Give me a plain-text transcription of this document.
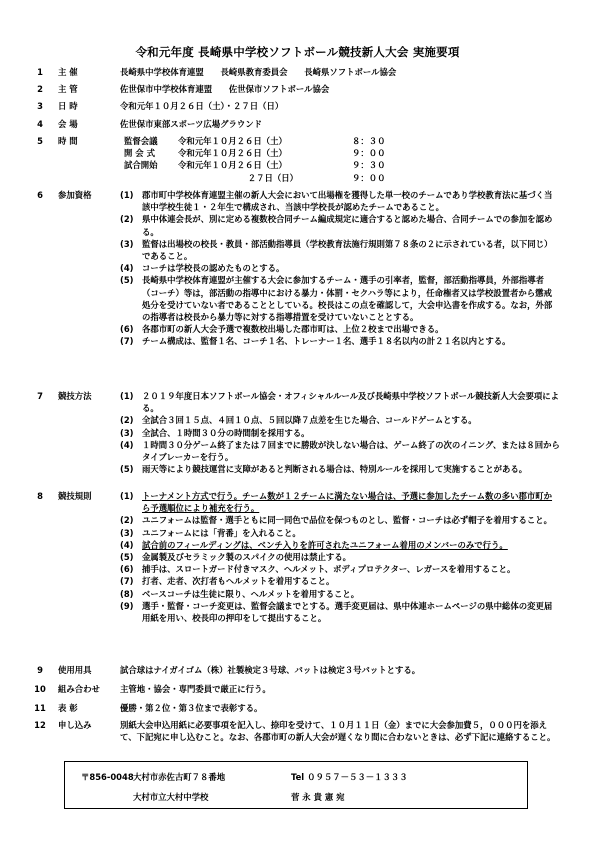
令和元年度 長崎県中学校ソフトボール競技新人大会 実施要項
1	主 催	長崎県中学校体育連盟　　長崎県教育委員会　　長崎県ソフトボール協会
2	主 管	佐世保市中学校体育連盟　　佐世保市ソフトボール協会
3	日 時	令和元年１０月２６日（土）・２７日（日）
4	会 場	佐世保市東部スポーツ広場グラウンド
5	時 間	監督会議 令和元年１０月２６日（土）	８：３０
開 会 式	令和元年１０月２６日（土）	９：００
試合開始 令和元年１０月２６日（土）	９：３０
２７日（日）	９：００
6	参加資格	(1)	郡市町中学校体育連盟主催の新人大会において出場権を獲得した単一校のチームであり学校教育法に基づく当該中学校生徒１・２年生で構成され、当該中学校長が認めたチームであること。
(2)	県中体連会長が、別に定める複数校合同チーム編成規定に適合すると認めた場合、合同チームでの参加を認める。
(3)	監督は出場校の校長・教員・部活動指導員（学校教育法施行規則第７８条の２に示されている者，以下同じ）であること。
(4)	コーチは学校長の認めたものとする。
(5)	長崎県中学校体育連盟が主催する大会に参加するチーム・選手の引率者，監督，部活動指導員，外部指導者（コーチ）等は，部活動の指導中における暴力・体罰・セクハラ等により，任命権者又は学校設置者から懲戒処分を受けていない者であることとしている。校長はこの点を確認して，大会申込書を作成する。なお，外部の指導者は校長から暴力等に対する指導措置を受けていないこととする。
(6)	各郡市町の新人大会予選で複数校出場した郡市町は、上位２校まで出場できる。
(7)	チーム構成は、監督１名、コーチ１名、トレーナー１名、選手１８名以内の計２１名以内とする。
7	競技方法	(1)	２０１９年度日本ソフトボール協会・オフィシャルルール及び長崎県中学校ソフトボール競技新人大会要項による。
(2)	全試合３回１５点、４回１０点、５回以降７点差を生じた場合、コールドゲームとする。
(3)	全試合、１時間３０分の時間制を採用する。
(4)	１時間３０分ゲーム終了または７回までに勝敗が決しない場合は、ゲーム終了の次のイニング、または８回からタイブレーカーを行う。
(5)	雨天等により競技運営に支障があると判断される場合は、特別ルールを採用して実施することがある。
8	競技規則	(1)	トーナメント方式で行う。チーム数が１２チームに満たない場合は、予選に参加したチーム数の多い郡市町から予選順位により補充を行う。
(2)	ユニフォームは監督・選手ともに同一同色で品位を保つものとし、監督・コーチは必ず帽子を着用すること。
(3)	ユニフォームには「背番」を入れること。
(4)	試合前のフィールディングは、ベンチ入りを許可されたユニフォーム着用のメンバーのみで行う。
(5)	金属製及びセラミック製のスパイクの使用は禁止する。
(6)	捕手は、スロートガード付きマスク、ヘルメット、ボディプロテクター、レガースを着用すること。
(7)	打者、走者、次打者もヘルメットを着用すること。
(8)	ベースコーチは生徒に限り、ヘルメットを着用すること。
(9)	選手・監督・コーチ変更は、監督会議までとする。選手変更届は、県中体連ホームページの県中総体の変更届用紙を用い、校長印の押印をして提出すること。
9	使用用具	試合球はナイガイゴム（株）社製検定３号球、バットは検定３号バットとする。
10 組み合わせ	主管地・協会・専門委員で厳正に行う。
11 表 彰	優勝・第２位・第３位まで表彰する。
12 申し込み	別紙大会申込用紙に必要事項を記入し、捺印を受けて、１０月１１日（金）までに大会参加費５，０００円を添えて、下記宛に申し込むこと。なお、各郡市町の新人大会が遅くなり間に合わないときは、必ず下記に連絡すること。
〒856-0048 大村市赤佐古町７８番地	Tel ０９５７－５３－１３３３
大村市立大村中学校	菅 永 貴 憲 宛
